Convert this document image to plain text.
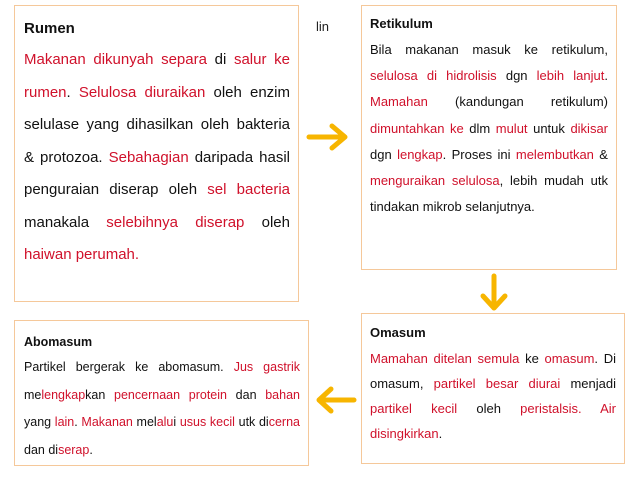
Rumen
Makanan dikunyah separa di salur ke rumen. Selulosa diuraikan oleh enzim selulase yang dihasilkan oleh bakteria & protozoa. Sebahagian daripada hasil penguraian diserap oleh sel bacteria manakala selebihnya diserap oleh haiwan perumah.
lin	Retikulum
Bila makanan masuk ke retikulum, selulosa di hidrolisis dgn lebih lanjut. Mamahan (kandungan retikulum) dimuntahkan ke dlm mulut untuk dikisar dgn lengkap. Proses ini melembutkan & menguraikan selulosa, lebih mudah utk tindakan mikrob selanjutnya.
Omasum
Mamahan ditelan semula ke omasum. Di omasum, partikel besar diurai menjadi partikel kecil oleh peristalsis. Air disingkirkan.
Abomasum
Partikel bergerak ke abomasum. Jus gastrik melengkapkan pencernaan protein dan bahan yang lain. Makanan melalui usus kecil utk dicerna dan diserap.
